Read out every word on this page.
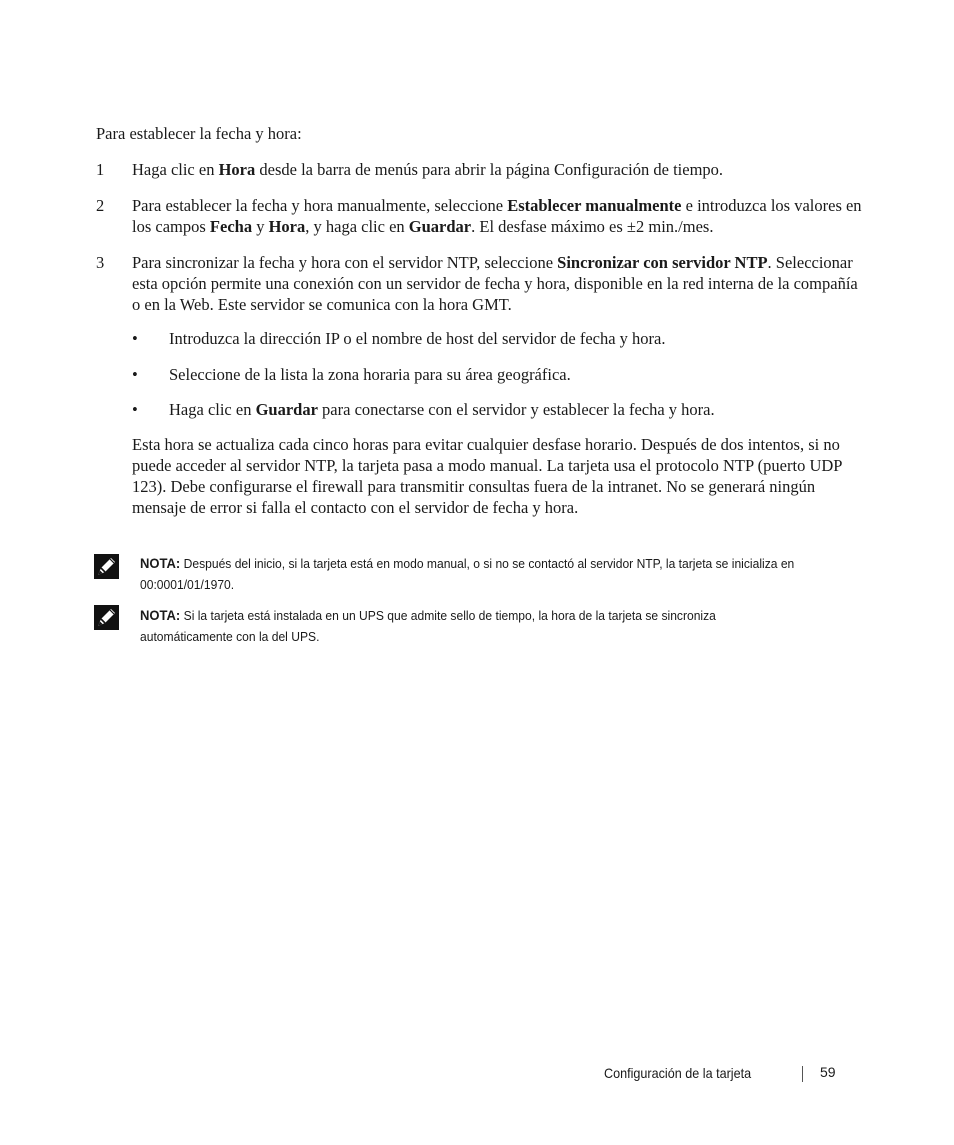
Para establecer la fecha y hora:
1	Haga clic en Hora desde la barra de menús para abrir la página Configuración de tiempo.
2	Para establecer la fecha y hora manualmente, seleccione Establecer manualmente e introduzca los valores en los campos Fecha y Hora, y haga clic en Guardar. El desfase máximo es ±2 min./mes.
3	Para sincronizar la fecha y hora con el servidor NTP, seleccione Sincronizar con servidor NTP. Seleccionar esta opción permite una conexión con un servidor de fecha y hora, disponible en la red interna de la compañía o en la Web. Este servidor se comunica con la hora GMT.
• Introduzca la dirección IP o el nombre de host del servidor de fecha y hora.
• Seleccione de la lista la zona horaria para su área geográfica.
• Haga clic en Guardar para conectarse con el servidor y establecer la fecha y hora.
Esta hora se actualiza cada cinco horas para evitar cualquier desfase horario. Después de dos intentos, si no puede acceder al servidor NTP, la tarjeta pasa a modo manual. La tarjeta usa el protocolo NTP (puerto UDP 123). Debe configurarse el firewall para transmitir consultas fuera de la intranet. No se generará ningún mensaje de error si falla el contacto con el servidor de fecha y hora.
NOTA: Después del inicio, si la tarjeta está en modo manual, o si no se contactó al servidor NTP, la tarjeta se inicializa en 00:0001/01/1970.
NOTA: Si la tarjeta está instalada en un UPS que admite sello de tiempo, la hora de la tarjeta se sincroniza automáticamente con la del UPS.
Configuración de la tarjeta	59
